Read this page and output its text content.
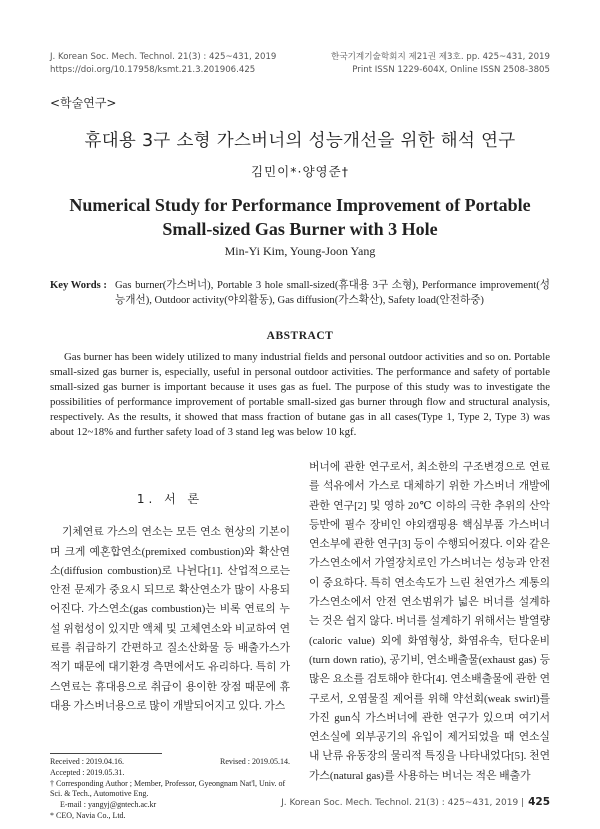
J. Korean Soc. Mech. Technol. 21(3) : 425~431, 2019
https://doi.org/10.17958/ksmt.21.3.201906.425
한국기계기술학회지 제21권 제3호. pp. 425~431, 2019
Print ISSN 1229-604X, Online ISSN 2508-3805
<학술연구>
휴대용 3구 소형 가스버너의 성능개선을 위한 해석 연구
김민이*·양영준†
Numerical Study for Performance Improvement of Portable
Small-sized Gas Burner with 3 Hole
Min-Yi Kim, Young-Joon Yang
Key Words : Gas burner(가스버너), Portable 3 hole small-sized(휴대용 3구 소형), Performance improvement(성능개선), Outdoor activity(야외활동), Gas diffusion(가스확산), Safety load(안전하중)
ABSTRACT

Gas burner has been widely utilized to many industrial fields and personal outdoor activities and so on. Portable small-sized gas burner is, especially, useful in personal outdoor activities. The performance and safety of portable small-sized gas burner is important because it uses gas as fuel. The purpose of this study was to investigate the possibilities of performance improvement of portable small-sized gas burner through flow and structural analysis, respectively. As the results, it showed that mass fraction of butane gas in all cases(Type 1, Type 2, Type 3) was about 12~18% and further safety load of 3 stand leg was below 10 kgf.

1. 서 론

기체연료 가스의 연소는 모든 연소 현상의 기본이며 크게 예혼합연소(premixed combustion)와 확산연소(diffusion combustion)로 나뉜다[1]. 산업적으로는 안전 문제가 중요시 되므로 확산연소가 많이 사용되어진다. 가스연소(gas combustion)는 비록 연료의 누설 위험성이 있지만 액체 및 고체연소와 비교하여 연료를 취급하기 간편하고 질소산화물 등 배출가스가 적기 때문에 대기환경 측면에서도 유리하다. 특히 가스연료는 휴대용으로 취급이 용이한 장점 때문에 휴대용 가스버너용으로 많이 개발되어지고 있다. 가스

버너에 관한 연구로서, 최소한의 구조변경으로 연료를 석유에서 가스로 대체하기 위한 가스버너 개발에 관한 연구[2] 및 영하 20℃ 이하의 극한 추위의 산악등반에 필수 장비인 야외캠핑용 핵심부품 가스버너 연소부에 관한 연구[3] 등이 수행되어졌다. 이와 같은 가스연소에서 가열장치로인 가스버너는 성능과 안전이 중요하다. 특히 연소속도가 느린 천연가스 계통의 가스연소에서 안전 연소범위가 넓은 버너를 설계하는 것은 쉽지 않다. 버너를 설계하기 위해서는 발열량(caloric value) 외에 화염형상, 화염유속, 턴다운비(turn down ratio), 공기비, 연소배출물(exhaust gas) 등 많은 요소를 검토해야 한다[4]. 연소배출물에 관한 연구로서, 오염물질 제어를 위해 약선회(weak swirl)를 가진 gun식 가스버너에 관한 연구가 있으며 여기서 연소실에 외부공기의 유입이 제거되었을 때 연소실내 난류 유동장의 물리적 특징을 나타내었다[5]. 천연가스(natural gas)를 사용하는 버너는 적은 배출가

Received : 2019.04.16.	Revised : 2019.05.14.
Accepted : 2019.05.31.
† Corresponding Author ; Member, Professor, Gyeongnam Nat'l, Univ. of Sci. & Tech., Automotive Eng.
E-mail : yangyj@gntech.ac.kr
* CEO, Navia Co., Ltd.
J. Korean Soc. Mech. Technol. 21(3) : 425~431, 2019 | 425
